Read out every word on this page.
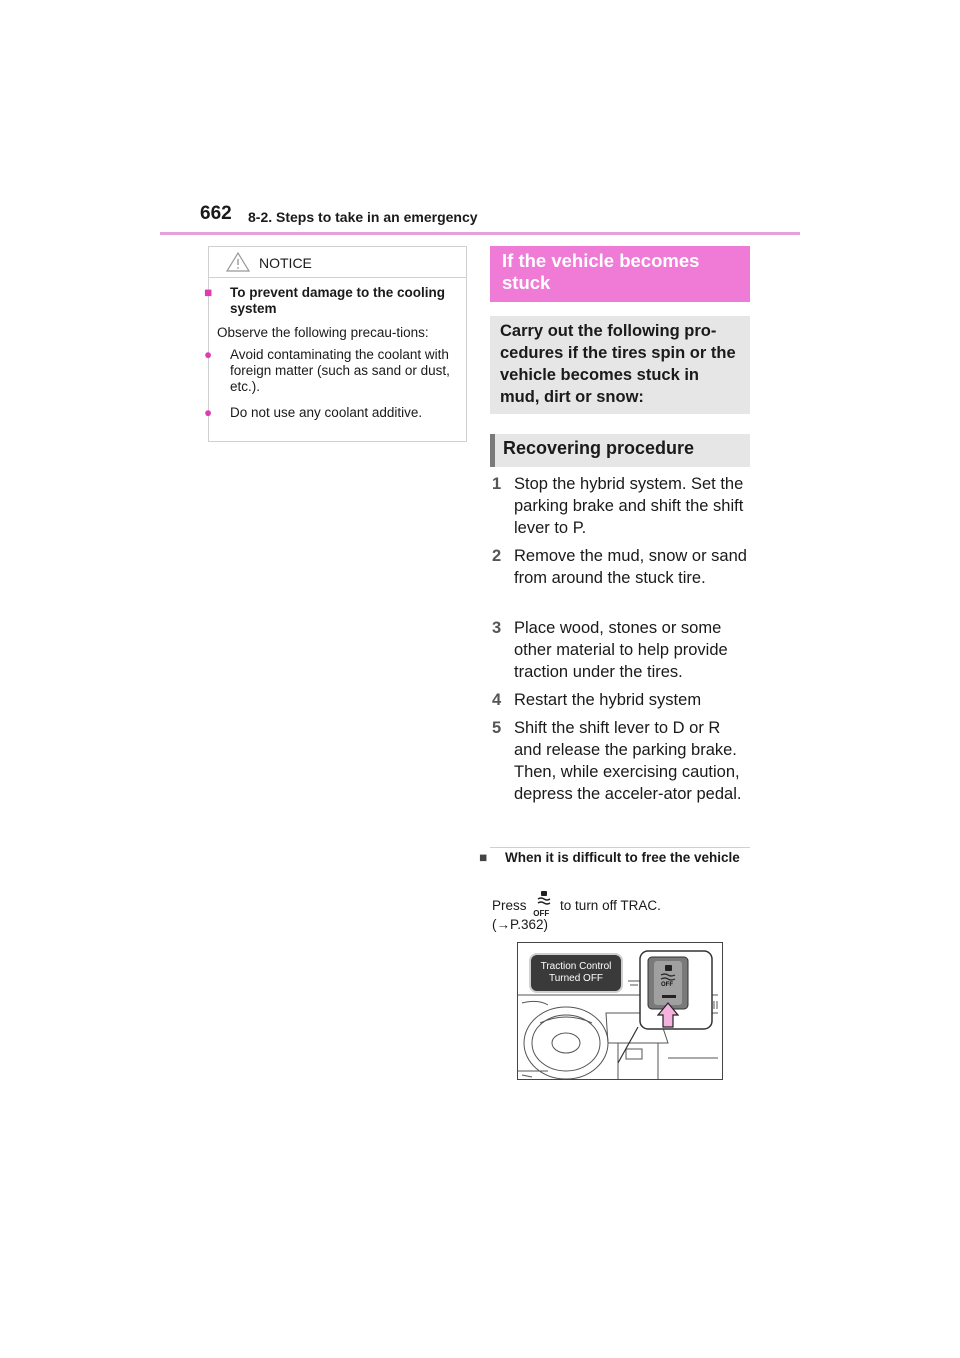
662 8-2. Steps to take in an emergency
NOTICE

■ To prevent damage to the cooling system

Observe the following precau-tions:

● Avoid contaminating the coolant with foreign matter (such as sand or dust, etc.).

● Do not use any coolant additive.

If the vehicle becomes stuck
Carry out the following pro-cedures if the tires spin or the vehicle becomes stuck in mud, dirt or snow:
Recovering procedure
1 Stop the hybrid system. Set the parking brake and shift the shift lever to P.
2 Remove the mud, snow or sand from around the stuck tire.
3 Place wood, stones or some other material to help provide traction under the tires.
4 Restart the hybrid system
5 Shift the shift lever to D or R and release the parking brake. Then, while exercising caution, depress the acceler-ator pedal.
■ When it is difficult to free the vehicle
Press
OFF
to turn off TRAC.
(→P.362)
OFF
Traction Control
Turned OFF
